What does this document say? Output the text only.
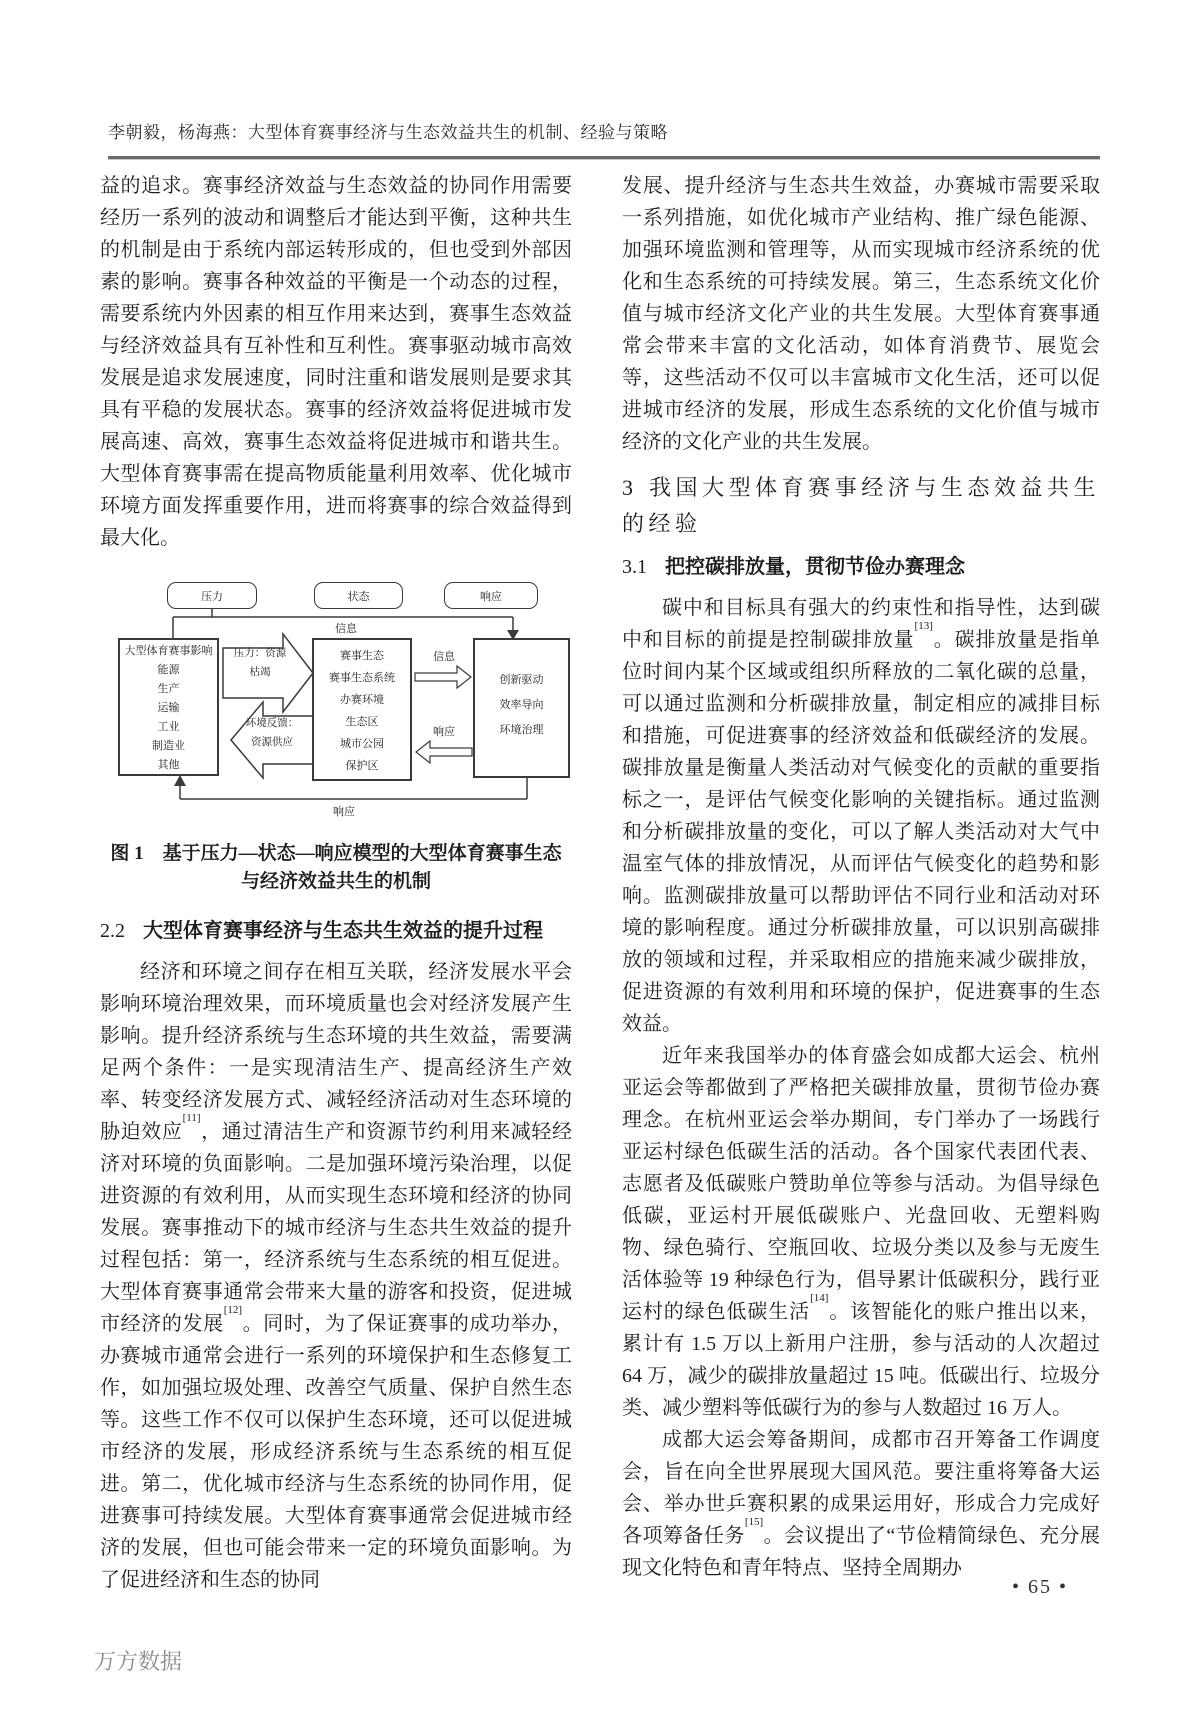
李朝毅，杨海燕：大型体育赛事经济与生态效益共生的机制、经验与策略

益的追求。赛事经济效益与生态效益的协同作用需要经历一系列的波动和调整后才能达到平衡，这种共生的机制是由于系统内部运转形成的，但也受到外部因素的影响。赛事各种效益的平衡是一个动态的过程，需要系统内外因素的相互作用来达到，赛事生态效益与经济效益具有互补性和互利性。赛事驱动城市高效发展是追求发展速度，同时注重和谐发展则是要求其具有平稳的发展状态。赛事的经济效益将促进城市发展高速、高效，赛事生态效益将促进城市和谐共生。大型体育赛事需在提高物质能量利用效率、优化城市环境方面发挥重要作用，进而将赛事的综合效益得到最大化。

压力	状态	响应
信息
大型体育赛事影响
能源
生产
运输
工业
制造业
其他
赛事生态
赛事生态系统
办赛环境
生态区
城市公园
保护区
创新驱动
效率导向
环境治理
压力：资源
枯竭
环境反馈：
资源供应
信息
响应
响应
图 1　基于压力—状态—响应模型的大型体育赛事生态
与经济效益共生的机制
2.2 大型体育赛事经济与生态共生效益的提升过程

经济和环境之间存在相互关联，经济发展水平会影响环境治理效果，而环境质量也会对经济发展产生影响。提升经济系统与生态环境的共生效益，需要满足两个条件：一是实现清洁生产、提高经济生产效率、转变经济发展方式、减轻经济活动对生态环境的胁迫效应[11]，通过清洁生产和资源节约利用来减轻经济对环境的负面影响。二是加强环境污染治理，以促进资源的有效利用，从而实现生态环境和经济的协同发展。赛事推动下的城市经济与生态共生效益的提升过程包括：第一，经济系统与生态系统的相互促进。大型体育赛事通常会带来大量的游客和投资，促进城市经济的发展[12]。同时，为了保证赛事的成功举办，办赛城市通常会进行一系列的环境保护和生态修复工作，如加强垃圾处理、改善空气质量、保护自然生态等。这些工作不仅可以保护生态环境，还可以促进城市经济的发展，形成经济系统与生态系统的相互促进。第二，优化城市经济与生态系统的协同作用，促进赛事可持续发展。大型体育赛事通常会促进城市经济的发展，但也可能会带来一定的环境负面影响。为了促进经济和生态的协同

发展、提升经济与生态共生效益，办赛城市需要采取一系列措施，如优化城市产业结构、推广绿色能源、加强环境监测和管理等，从而实现城市经济系统的优化和生态系统的可持续发展。第三，生态系统文化价值与城市经济文化产业的共生发展。大型体育赛事通常会带来丰富的文化活动，如体育消费节、展览会等，这些活动不仅可以丰富城市文化生活，还可以促进城市经济的发展，形成生态系统的文化价值与城市经济的文化产业的共生发展。

3 我国大型体育赛事经济与生态效益共生的经验
3.1 把控碳排放量，贯彻节俭办赛理念

碳中和目标具有强大的约束性和指导性，达到碳中和目标的前提是控制碳排放量[13]。碳排放量是指单位时间内某个区域或组织所释放的二氧化碳的总量，可以通过监测和分析碳排放量，制定相应的减排目标和措施，可促进赛事的经济效益和低碳经济的发展。碳排放量是衡量人类活动对气候变化的贡献的重要指标之一，是评估气候变化影响的关键指标。通过监测和分析碳排放量的变化，可以了解人类活动对大气中温室气体的排放情况，从而评估气候变化的趋势和影响。监测碳排放量可以帮助评估不同行业和活动对环境的影响程度。通过分析碳排放量，可以识别高碳排放的领域和过程，并采取相应的措施来减少碳排放，促进资源的有效利用和环境的保护，促进赛事的生态效益。

近年来我国举办的体育盛会如成都大运会、杭州亚运会等都做到了严格把关碳排放量，贯彻节俭办赛理念。在杭州亚运会举办期间，专门举办了一场践行亚运村绿色低碳生活的活动。各个国家代表团代表、志愿者及低碳账户赞助单位等参与活动。为倡导绿色低碳，亚运村开展低碳账户、光盘回收、无塑料购物、绿色骑行、空瓶回收、垃圾分类以及参与无废生活体验等 19 种绿色行为，倡导累计低碳积分，践行亚运村的绿色低碳生活[14]。该智能化的账户推出以来，累计有 1.5 万以上新用户注册，参与活动的人次超过 64 万，减少的碳排放量超过 15 吨。低碳出行、垃圾分类、减少塑料等低碳行为的参与人数超过 16 万人。

成都大运会筹备期间，成都市召开筹备工作调度会，旨在向全世界展现大国风范。要注重将筹备大运会、举办世乒赛积累的成果运用好，形成合力完成好各项筹备任务[15]。会议提出了“节俭精简绿色、充分展现文化特色和青年特点、坚持全周期办

• 65 •
万方数据
